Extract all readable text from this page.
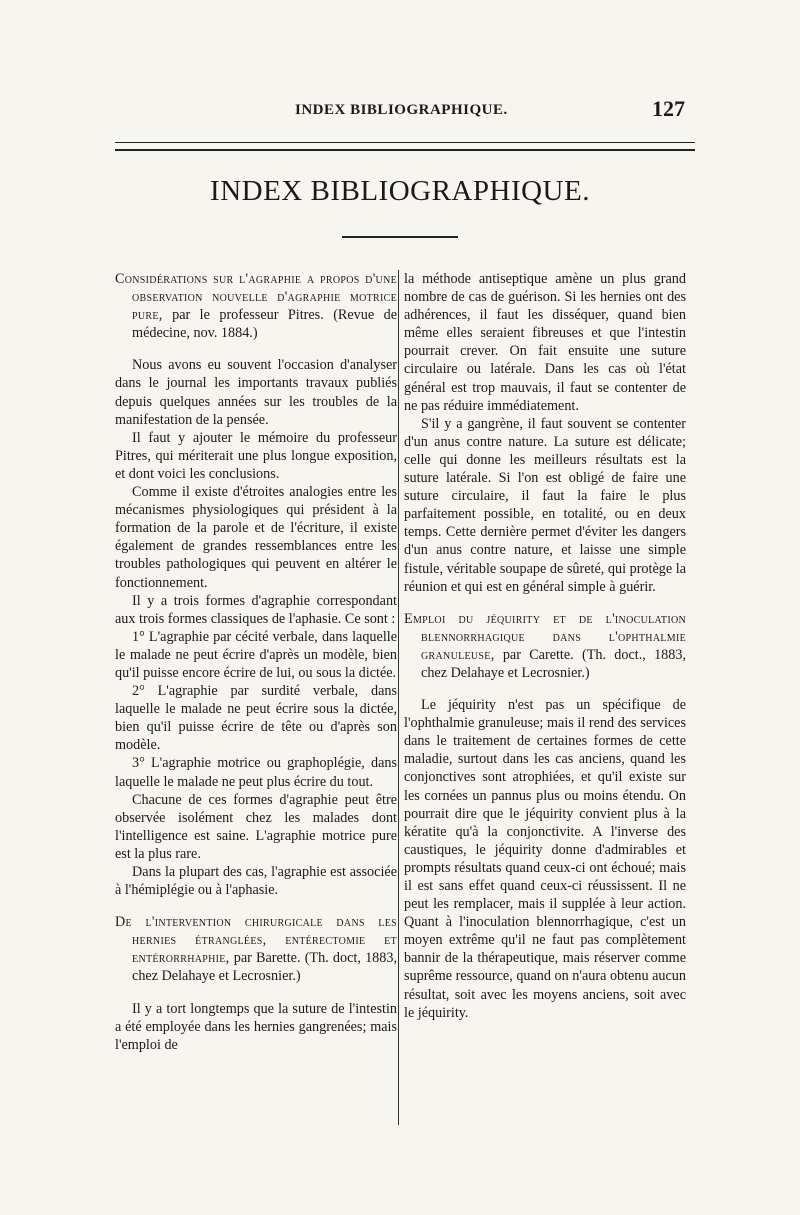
INDEX BIBLIOGRAPHIQUE.	127
INDEX BIBLIOGRAPHIQUE.

Considérations sur l'agraphie a propos d'une observation nouvelle d'agraphie motrice pure, par le professeur Pitres. (Revue de médecine, nov. 1884.)

Nous avons eu souvent l'occasion d'analyser dans le journal les importants travaux publiés depuis quelques années sur les troubles de la manifestation de la pensée.

Il faut y ajouter le mémoire du professeur Pitres, qui mériterait une plus longue exposition, et dont voici les conclusions.

Comme il existe d'étroites analogies entre les mécanismes physiologiques qui président à la formation de la parole et de l'écriture, il existe également de grandes ressemblances entre les troubles pathologiques qui peuvent en altérer le fonctionnement.

Il y a trois formes d'agraphie correspondant aux trois formes classiques de l'aphasie. Ce sont :

1° L'agraphie par cécité verbale, dans laquelle le malade ne peut écrire d'après un modèle, bien qu'il puisse encore écrire de lui, ou sous la dictée.

2° L'agraphie par surdité verbale, dans laquelle le malade ne peut écrire sous la dictée, bien qu'il puisse écrire de tête ou d'après son modèle.

3° L'agraphie motrice ou graphoplégie, dans laquelle le malade ne peut plus écrire du tout.

Chacune de ces formes d'agraphie peut être observée isolément chez les malades dont l'intelligence est saine. L'agraphie motrice pure est la plus rare.

Dans la plupart des cas, l'agraphie est associée à l'hémiplégie ou à l'aphasie.

De l'intervention chirurgicale dans les hernies étranglées, entérectomie et entérorrhaphie, par Barette. (Th. doct, 1883, chez Delahaye et Lecrosnier.)

Il y a tort longtemps que la suture de l'intestin a été employée dans les hernies gangrenées; mais l'emploi de

la méthode antiseptique amène un plus grand nombre de cas de guérison. Si les hernies ont des adhérences, il faut les disséquer, quand bien même elles seraient fibreuses et que l'intestin pourrait crever. On fait ensuite une suture circulaire ou latérale. Dans les cas où l'état général est trop mauvais, il faut se contenter de ne pas réduire immédiatement.

S'il y a gangrène, il faut souvent se contenter d'un anus contre nature. La suture est délicate; celle qui donne les meilleurs résultats est la suture latérale. Si l'on est obligé de faire une suture circulaire, il faut la faire le plus parfaitement possible, en totalité, ou en deux temps. Cette dernière permet d'éviter les dangers d'un anus contre nature, et laisse une simple fistule, véritable soupape de sûreté, qui protège la réunion et qui est en général simple à guérir.

Emploi du jéquirity et de l'inoculation blennorrhagique dans l'ophthalmie granuleuse, par Carette. (Th. doct., 1883, chez Delahaye et Lecrosnier.)

Le jéquirity n'est pas un spécifique de l'ophthalmie granuleuse; mais il rend des services dans le traitement de certaines formes de cette maladie, surtout dans les cas anciens, quand les conjonctives sont atrophiées, et qu'il existe sur les cornées un pannus plus ou moins étendu. On pourrait dire que le jéquirity convient plus à la kératite qu'à la conjonctivite. A l'inverse des caustiques, le jéquirity donne d'admirables et prompts résultats quand ceux-ci ont échoué; mais il est sans effet quand ceux-ci réussissent. Il ne peut les remplacer, mais il supplée à leur action. Quant à l'inoculation blennorrhagique, c'est un moyen extrême qu'il ne faut pas complètement bannir de la thérapeutique, mais réserver comme suprême ressource, quand on n'aura obtenu aucun résultat, soit avec les moyens anciens, soit avec le jéquirity.
